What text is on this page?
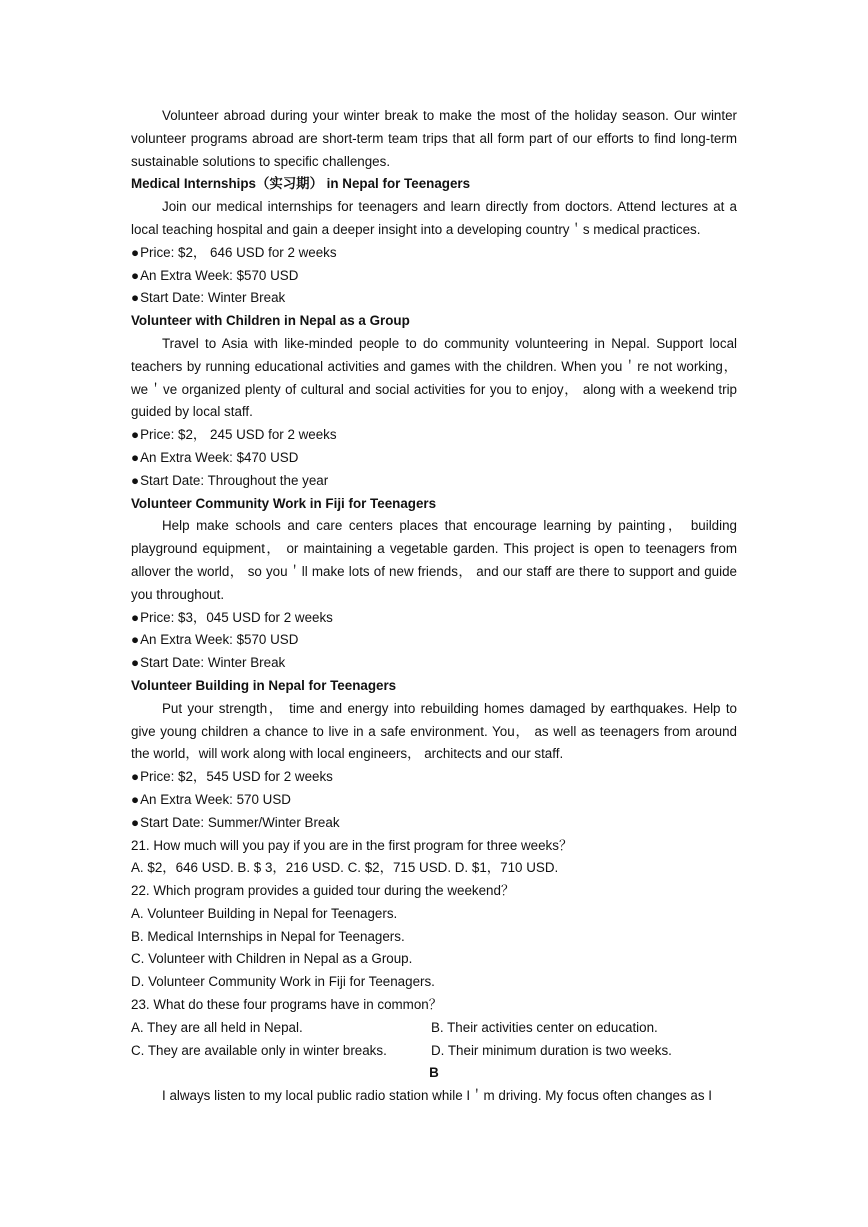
Volunteer abroad during your winter break to make the most of the holiday season. Our winter volunteer programs abroad are short-term team trips that all form part of our efforts to find long-term sustainable solutions to specific challenges.

Medical Internships（实习期） in Nepal for Teenagers

Join our medical internships for teenagers and learn directly from doctors. Attend lectures at a local teaching hospital and gain a deeper insight into a developing country＇s medical practices.

● Price: $2， 646 USD for 2 weeks
● An Extra Week: $570 USD
● Start Date: Winter Break
Volunteer with Children in Nepal as a Group

Travel to Asia with like-minded people to do community volunteering in Nepal. Support local teachers by running educational activities and games with the children. When you＇re not working， we＇ve organized plenty of cultural and social activities for you to enjoy， along with a weekend trip guided by local staff.

● Price: $2， 245 USD for 2 weeks
● An Extra Week: $470 USD
● Start Date: Throughout the year
Volunteer Community Work in Fiji for Teenagers

Help make schools and care centers places that encourage learning by painting， building playground equipment， or maintaining a vegetable garden. This project is open to teenagers from allover the world， so you＇ll make lots of new friends， and our staff are there to support and guide you throughout.

● Price: $3，045 USD for 2 weeks
● An Extra Week: $570 USD
● Start Date: Winter Break
Volunteer Building in Nepal for Teenagers

Put your strength， time and energy into rebuilding homes damaged by earthquakes. Help to give young children a chance to live in a safe environment. You， as well as teenagers from around the world，will work along with local engineers， architects and our staff.

● Price: $2，545 USD for 2 weeks
● An Extra Week: 570 USD
● Start Date: Summer/Winter Break
21. How much will you pay if you are in the first program for three weeks？
A. $2，646 USD. B. $ 3，216 USD. C. $2，715 USD. D. $1，710 USD.
22. Which program provides a guided tour during the weekend？
A. Volunteer Building in Nepal for Teenagers.
B. Medical Internships in Nepal for Teenagers.
C. Volunteer with Children in Nepal as a Group.
D. Volunteer Community Work in Fiji for Teenagers.
23. What do these four programs have in common？
A. They are all held in Nepal.	B. Their activities center on education.
C. They are available only in winter breaks.	D. Their minimum duration is two weeks.
B

I always listen to my local public radio station while I＇m driving. My focus often changes as I
